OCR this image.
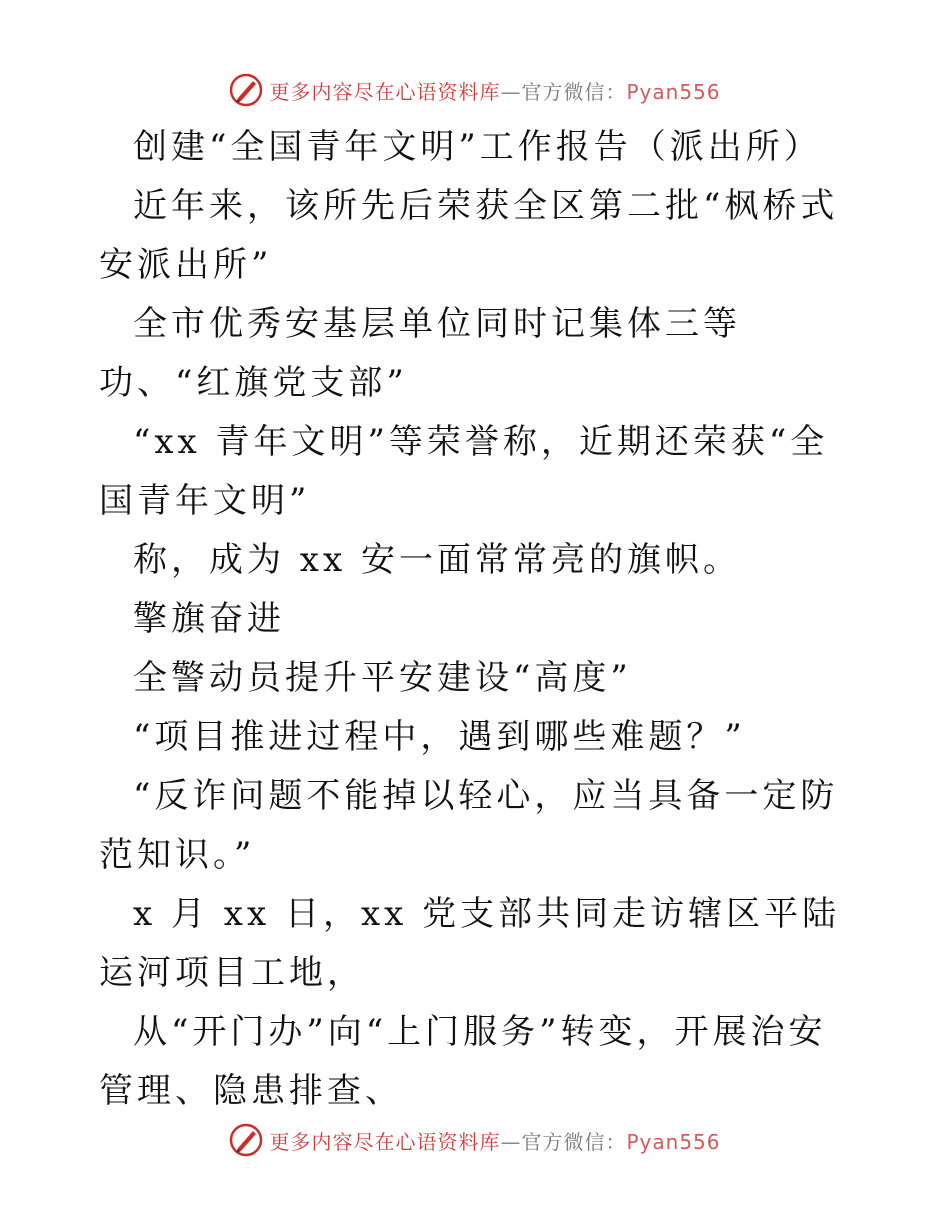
更多内容尽在心语资料库—官方微信：Pyan556

创建“全国青年文明”工作报告（派出所）

近年来，该所先后荣获全区第二批“枫桥式安派出所”

全市优秀安基层单位同时记集体三等功、“红旗党支部”

“xx 青年文明”等荣誉称，近期还荣获“全国青年文明”

称，成为 xx 安一面常常亮的旗帜。

擎旗奋进

全警动员提升平安建设“高度”

“项目推进过程中，遇到哪些难题？”

“反诈问题不能掉以轻心，应当具备一定防范知识。”

x 月 xx 日，xx 党支部共同走访辖区平陆运河项目工地，

从“开门办”向“上门服务”转变，开展治安管理、隐患排查、

更多内容尽在心语资料库—官方微信：Pyan556
